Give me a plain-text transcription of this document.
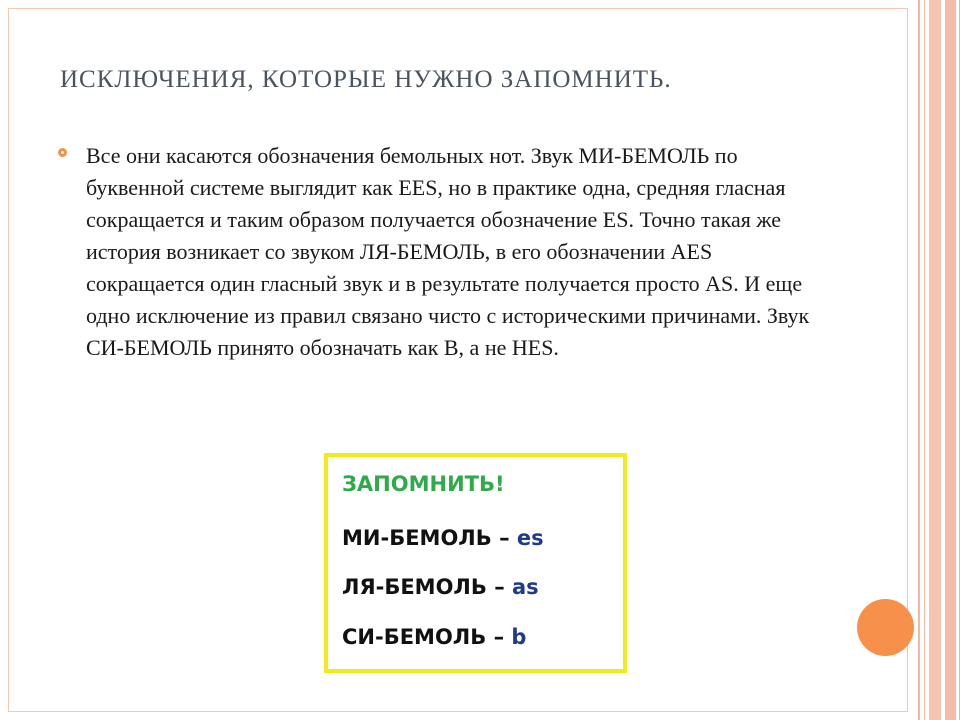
ИСКЛЮЧЕНИЯ, КОТОРЫЕ НУЖНО ЗАПОМНИТЬ.

Все они касаются обозначения бемольных нот. Звук МИ-БЕМОЛЬ по буквенной системе выглядит как EES, но в практике одна, средняя гласная сокращается и таким образом получается обозначение ES. Точно такая же история возникает со звуком ЛЯ-БЕМОЛЬ, в его обозначении AES сокращается один гласный звук и в результате получается просто AS. И еще одно исключение из правил связано чисто с историческими причинами. Звук СИ-БЕМОЛЬ принято обозначать как B, а не HES.

ЗАПОМНИТЬ!

МИ-БЕМОЛЬ – es

ЛЯ-БЕМОЛЬ – as

СИ-БЕМОЛЬ – b
